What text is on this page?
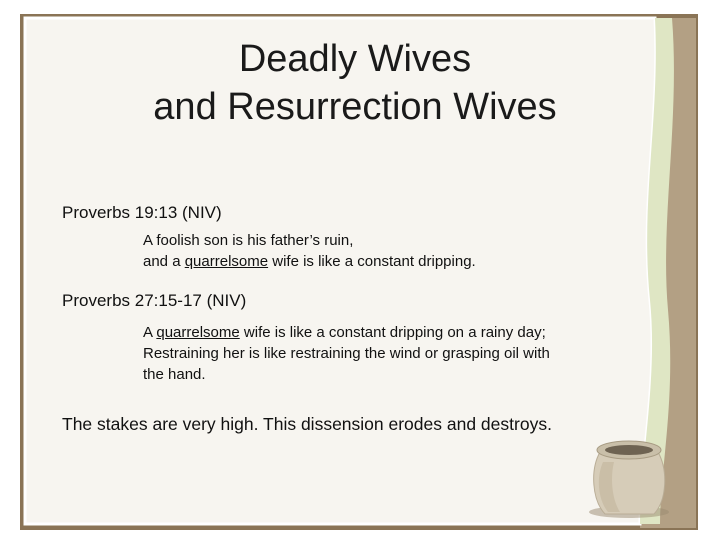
Deadly Wives
and Resurrection Wives
Proverbs 19:13 (NIV)
A foolish son is his father’s ruin,
and a quarrelsome wife is like a constant dripping.
Proverbs 27:15-17 (NIV)
A quarrelsome wife is like a constant dripping on a rainy day;
Restraining her is like restraining the wind or grasping oil with
the hand.
The stakes are very high. This dissension erodes and destroys.
